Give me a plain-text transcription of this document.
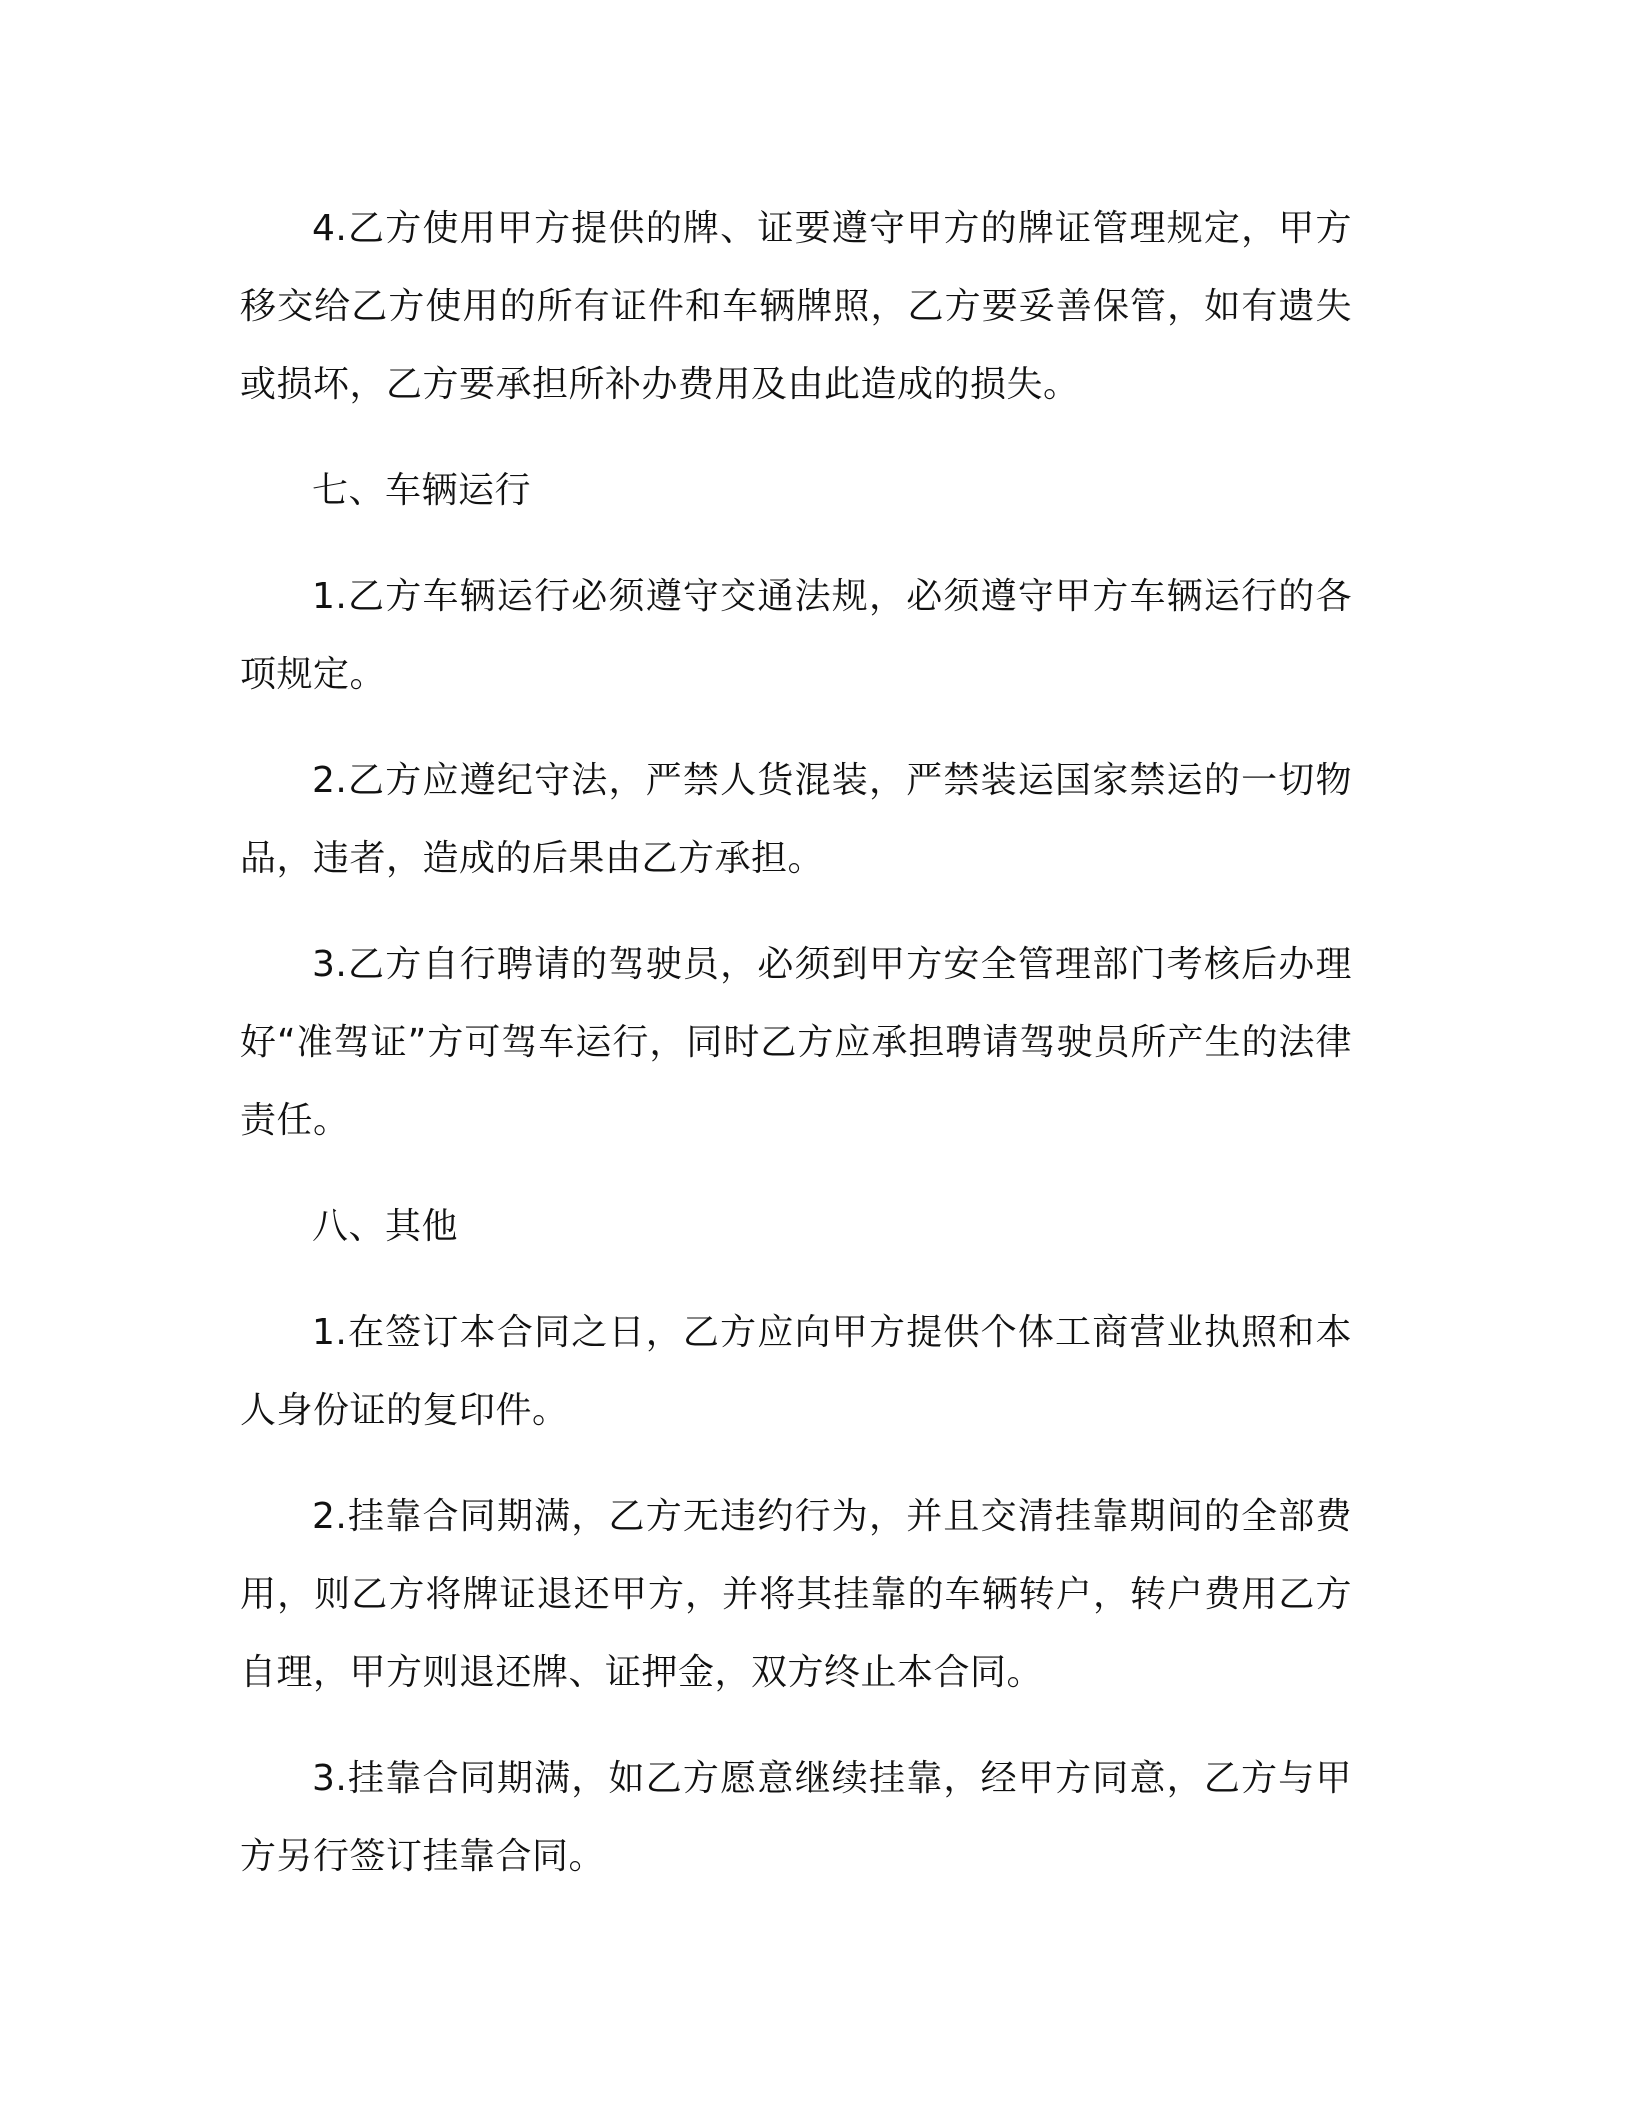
4.乙方使用甲方提供的牌、证要遵守甲方的牌证管理规定，甲方移交给乙方使用的所有证件和车辆牌照，乙方要妥善保管，如有遗失或损坏，乙方要承担所补办费用及由此造成的损失。

七、车辆运行

1.乙方车辆运行必须遵守交通法规，必须遵守甲方车辆运行的各项规定。

2.乙方应遵纪守法，严禁人货混装，严禁装运国家禁运的一切物品，违者，造成的后果由乙方承担。

3.乙方自行聘请的驾驶员，必须到甲方安全管理部门考核后办理好“准驾证”方可驾车运行，同时乙方应承担聘请驾驶员所产生的法律责任。

八、其他

1.在签订本合同之日，乙方应向甲方提供个体工商营业执照和本人身份证的复印件。

2.挂靠合同期满，乙方无违约行为，并且交清挂靠期间的全部费用，则乙方将牌证退还甲方，并将其挂靠的车辆转户，转户费用乙方自理，甲方则退还牌、证押金，双方终止本合同。

3.挂靠合同期满，如乙方愿意继续挂靠，经甲方同意，乙方与甲方另行签订挂靠合同。
